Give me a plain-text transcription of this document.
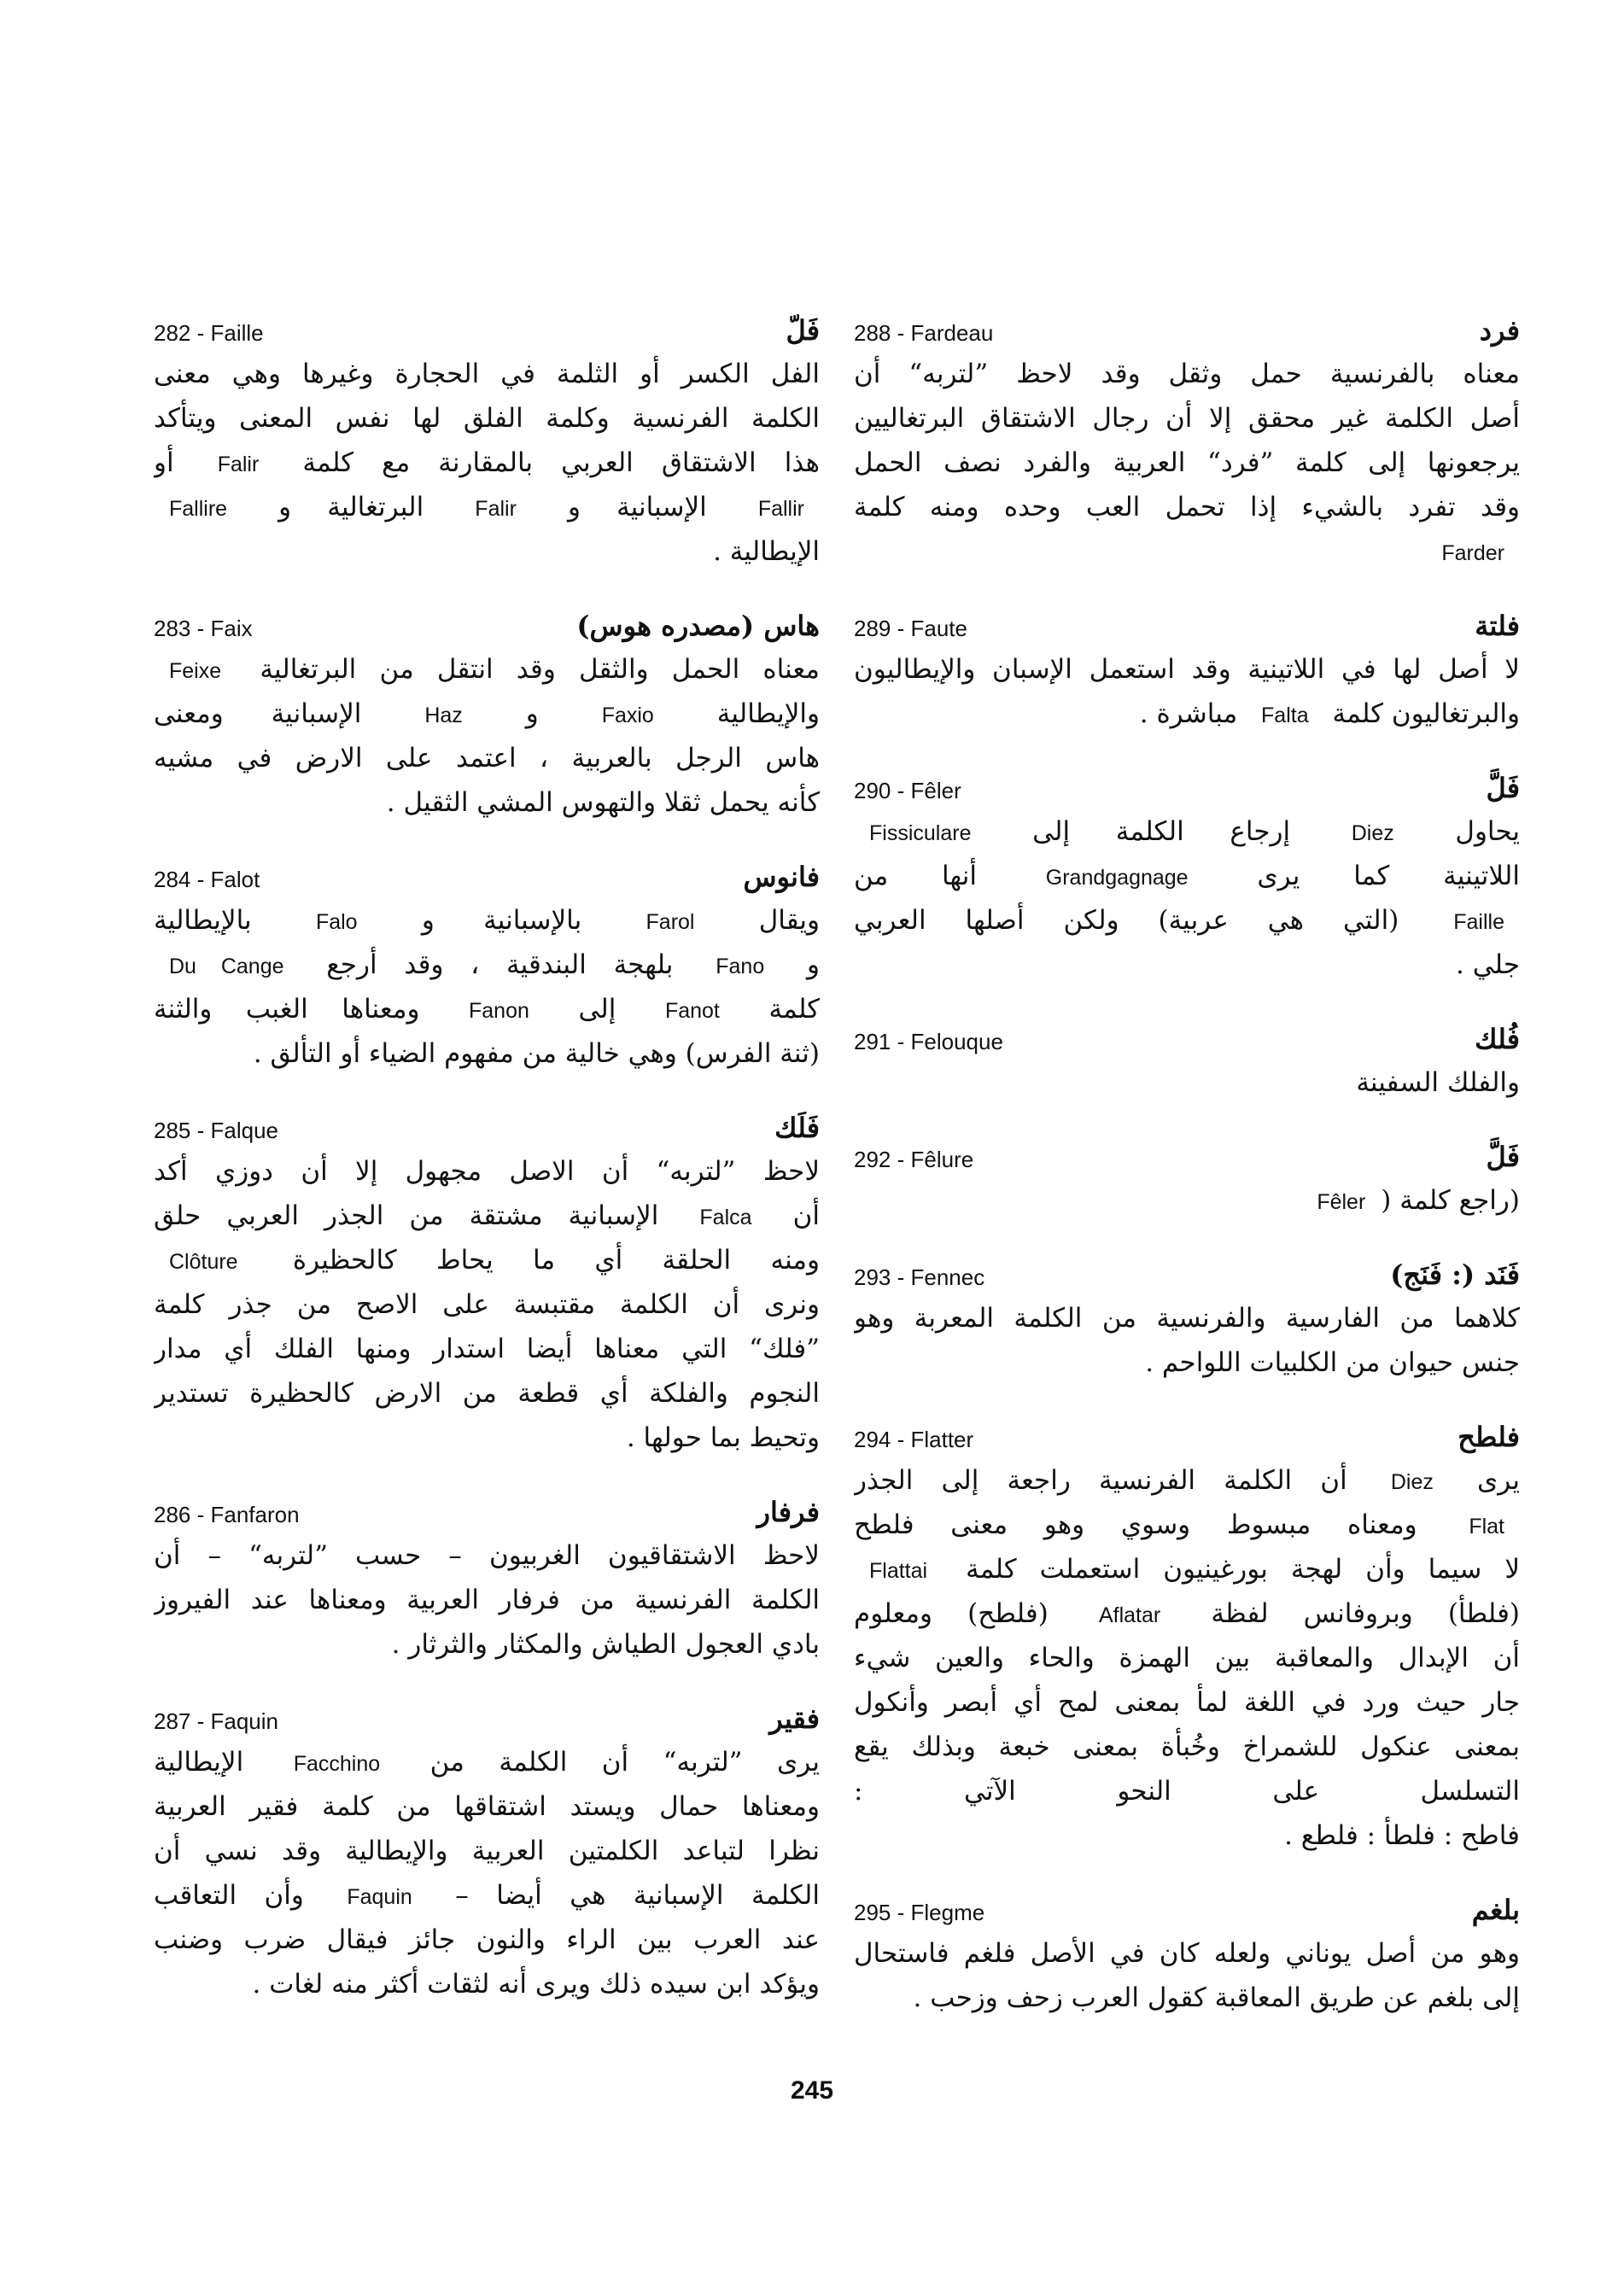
288 - Fardeau	فرد
معناه بالفرنسية حمل وثقل وقد لاحظ ”لتربه“ أن
أصل الكلمة غير محقق إلا أن رجال الاشتقاق البرتغاليين
يرجعونها إلى كلمة ”فرد“ العربية والفرد نصف الحمل
وقد تفرد بالشيء إذا تحمل العب وحده ومنه كلمة
Farder
289 - Faute	فلتة
لا أصل لها في اللاتينية وقد استعمل الإسبان والإيطاليون
والبرتغاليون كلمة Falta مباشرة .
290 - Fêler	فَلَّ
يحاول Diez إرجاع الكلمة إلى Fissiculare
اللاتينية كما يرى Grandgagnage أنها من
Faille (التي هي عربية) ولكن أصلها العربي
جلي .
291 - Felouque	فُلك
والفلك السفينة
292 - Fêlure	فَلَّ
(راجع كلمة (Fêler
293 - Fennec	فَنَد (: فَنَج)
كلاهما من الفارسية والفرنسية من الكلمة المعربة وهو
جنس حيوان من الكلبيات اللواحم .
294 - Flatter	فلطح
يرى Diez أن الكلمة الفرنسية راجعة إلى الجذر
Flat ومعناه مبسوط وسوي وهو معنى فلطح
لا سيما وأن لهجة بورغينيون استعملت كلمة Flattai
(فلطأ) وبروفانس لفظة Aflatar (فلطح) ومعلوم
أن الإبدال والمعاقبة بين الهمزة والحاء والعين شيء
جار حيث ورد في اللغة لمأ بمعنى لمح أي أبصر وأنكول
بمعنى عنكول للشمراخ وخُبأة بمعنى خبعة وبذلك يقع
التسلسل على النحو الآتي :
فاطح : فلطأ : فلطع .
295 - Flegme	بلغم
وهو من أصل يوناني ولعله كان في الأصل فلغم فاستحال
إلى بلغم عن طريق المعاقبة كقول العرب زحف وزحب .
282 - Faille	فَلّ
الفل الكسر أو الثلمة في الحجارة وغيرها وهي معنى
الكلمة الفرنسية وكلمة الفلق لها نفس المعنى ويتأكد
هذا الاشتقاق العربي بالمقارنة مع كلمة Falir أو
Fallir الإسبانية و Falir البرتغالية و Fallire
الإيطالية .
283 - Faix	هاس (مصدره هوس)
معناه الحمل والثقل وقد انتقل من البرتغالية Feixe
والإيطالية Faxio و Haz الإسبانية ومعنى
هاس الرجل بالعربية ، اعتمد على الارض في مشيه
كأنه يحمل ثقلا والتهوس المشي الثقيل .
284 - Falot	فانوس
ويقال Farol بالإسبانية و Falo بالإيطالية
و Fano بلهجة البندقية ، وقد أرجع Du Cange
كلمة Fanot إلى Fanon ومعناها الغبب والثنة
(ثنة الفرس) وهي خالية من مفهوم الضياء أو التألق .
285 - Falque	فَلَك
لاحظ ”لتربه“ أن الاصل مجهول إلا أن دوزي أكد
أن Falca الإسبانية مشتقة من الجذر العربي حلق
ومنه الحلقة أي ما يحاط كالحظيرة Clôture
ونرى أن الكلمة مقتبسة على الاصح من جذر كلمة
”فلك“ التي معناها أيضا استدار ومنها الفلك أي مدار
النجوم والفلكة أي قطعة من الارض كالحظيرة تستدير
وتحيط بما حولها .
286 - Fanfaron	فرفار
لاحظ الاشتقاقيون الغربيون – حسب ”لتربه“ – أن
الكلمة الفرنسية من فرفار العربية ومعناها عند الفيروز
بادي العجول الطياش والمكثار والثرثار .
287 - Faquin	فقير
يرى ”لتربه“ أن الكلمة من Facchino الإيطالية
ومعناها حمال ويستد اشتقاقها من كلمة فقير العربية
نظرا لتباعد الكلمتين العربية والإيطالية وقد نسي أن
الكلمة الإسبانية هي أيضا – Faquin وأن التعاقب
عند العرب بين الراء والنون جائز فيقال ضرب وضنب
ويؤكد ابن سيده ذلك ويرى أنه لثقات أكثر منه لغات .
245
